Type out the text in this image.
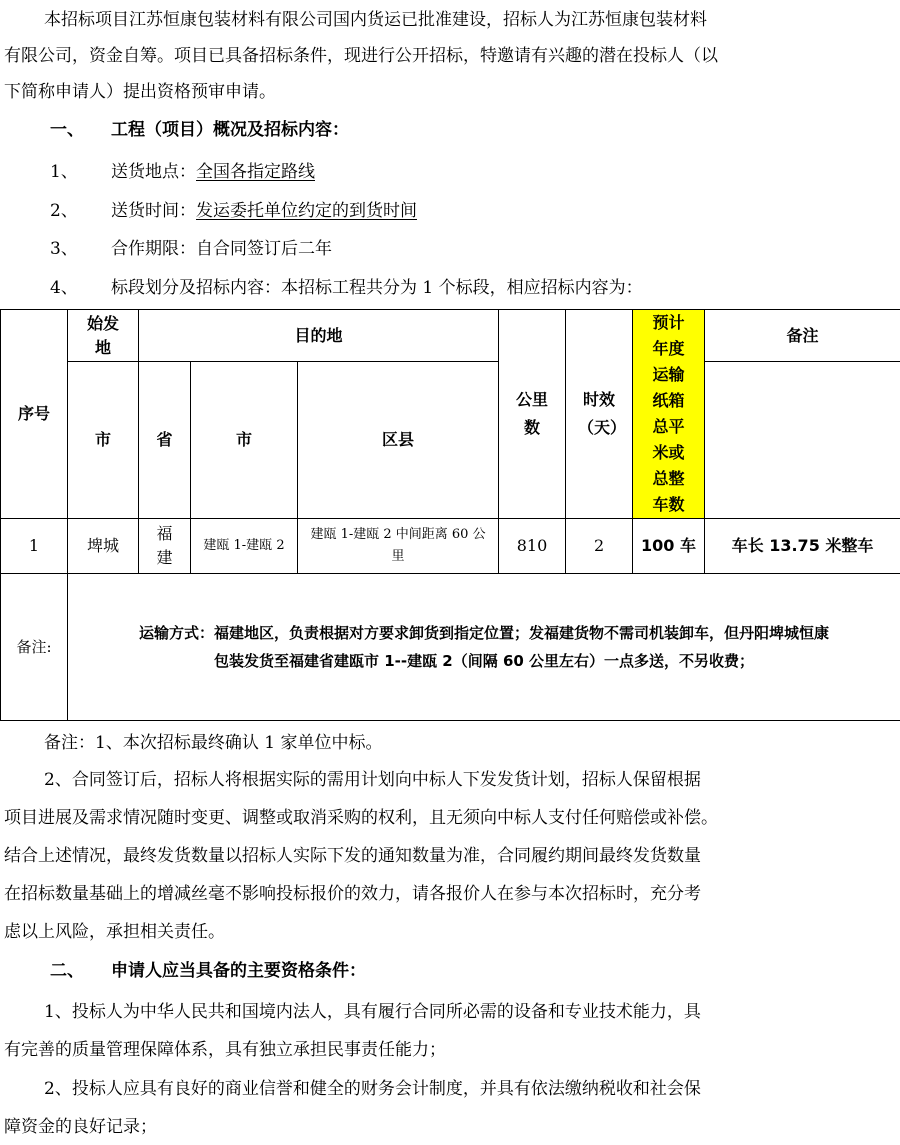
本招标项目江苏恒康包装材料有限公司国内货运已批准建设，招标人为江苏恒康包装材料
有限公司，资金自筹。项目已具备招标条件，现进行公开招标，特邀请有兴趣的潜在投标人（以
下简称申请人）提出资格预审申请。
一、 工程（项目）概况及招标内容：
1、 送货地点：全国各指定路线
2、 送货时间：发运委托单位约定的到货时间
3、 合作期限：自合同签订后二年
4、 标段划分及招标内容：本招标工程共分为 1 个标段，相应招标内容为：
序号	始发地	目的地			公里数	时效（天）	预计年度运输纸箱总平米或总整车数	备注
	市	省	市	区县				
1	埤城	福建	建瓯 1-建瓯 2	建瓯 1-建瓯 2 中间距离 60 公里	810	2	100 车	车长 13.75 米整车
备注:	运输方式：福建地区，负责根据对方要求卸货到指定位置；发福建货物不需司机装卸车，但丹阳埤城恒康
包装发货至福建省建瓯市 1--建瓯 2（间隔 60 公里左右）一点多送，不另收费；							
备注：1、本次招标最终确认 1 家单位中标。
2、合同签订后，招标人将根据实际的需用计划向中标人下发发货计划，招标人保留根据
项目进展及需求情况随时变更、调整或取消采购的权利，且无须向中标人支付任何赔偿或补偿。
结合上述情况，最终发货数量以招标人实际下发的通知数量为准，合同履约期间最终发货数量
在招标数量基础上的增减丝毫不影响投标报价的效力，请各报价人在参与本次招标时，充分考
虑以上风险，承担相关责任。
二、 申请人应当具备的主要资格条件：
1、投标人为中华人民共和国境内法人，具有履行合同所必需的设备和专业技术能力，具
有完善的质量管理保障体系，具有独立承担民事责任能力；
2、投标人应具有良好的商业信誉和健全的财务会计制度，并具有依法缴纳税收和社会保
障资金的良好记录；
